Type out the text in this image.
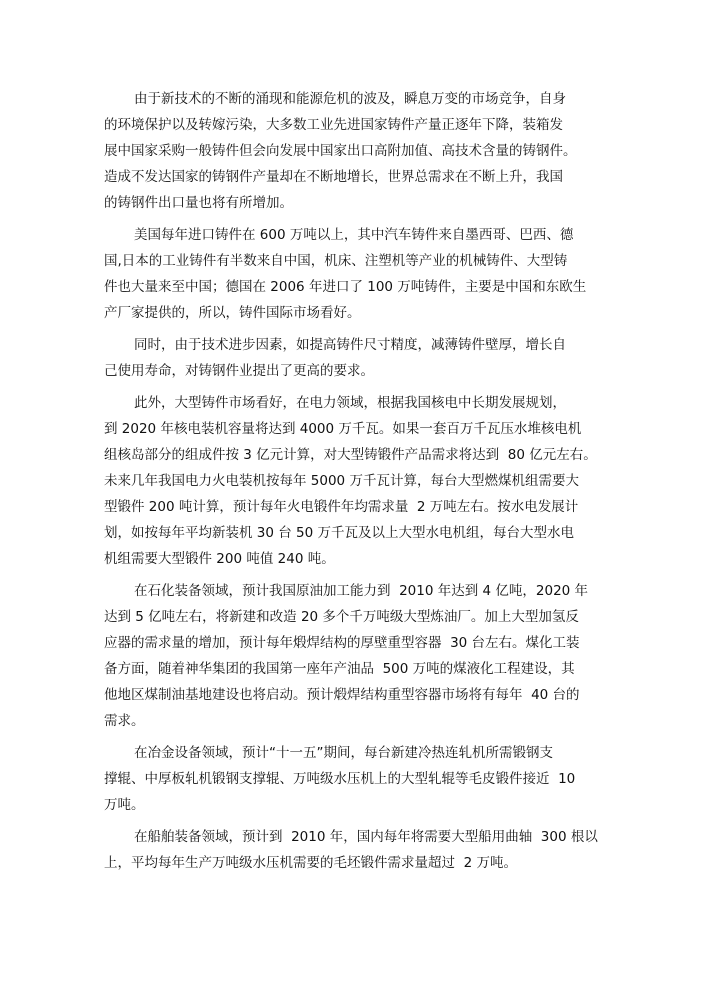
由于新技术的不断的涌现和能源危机的波及，瞬息万变的市场竞争，自身
的环境保护以及转嫁污染，大多数工业先进国家铸件产量正逐年下降，装箱发
展中国家采购一般铸件但会向发展中国家出口高附加值、高技术含量的铸钢件。
造成不发达国家的铸钢件产量却在不断地增长，世界总需求在不断上升，我国
的铸钢件出口量也将有所增加。
美国每年进口铸件在 600 万吨以上，其中汽车铸件来自墨西哥、巴西、德
国,日本的工业铸件有半数来自中国，机床、注塑机等产业的机械铸件、大型铸
件也大量来至中国；德国在 2006 年进口了 100 万吨铸件，主要是中国和东欧生
产厂家提供的，所以，铸件国际市场看好。
同时，由于技术进步因素，如提高铸件尺寸精度，减薄铸件壁厚，增长自
己使用寿命，对铸钢件业提出了更高的要求。
此外，大型铸件市场看好，在电力领域，根据我国核电中长期发展规划，
到 2020 年核电装机容量将达到 4000 万千瓦。如果一套百万千瓦压水堆核电机
组核岛部分的组成件按 3 亿元计算，对大型铸锻件产品需求将达到  80 亿元左右。
未来几年我国电力火电装机按每年 5000 万千瓦计算，每台大型燃煤机组需要大
型锻件 200 吨计算，预计每年火电锻件年均需求量  2 万吨左右。按水电发展计
划，如按每年平均新装机 30 台 50 万千瓦及以上大型水电机组，每台大型水电
机组需要大型锻件 200 吨值 240 吨。
在石化装备领域，预计我国原油加工能力到  2010 年达到 4 亿吨，2020 年
达到 5 亿吨左右，将新建和改造 20 多个千万吨级大型炼油厂。加上大型加氢反
应器的需求量的增加，预计每年煅焊结构的厚壁重型容器  30 台左右。煤化工装
备方面，随着神华集团的我国第一座年产油品  500 万吨的煤液化工程建设，其
他地区煤制油基地建设也将启动。预计煅焊结构重型容器市场将有每年  40 台的
需求。
在冶金设备领域，预计“十一五”期间，每台新建冷热连轧机所需锻钢支
撑辊、中厚板轧机锻钢支撑辊、万吨级水压机上的大型轧辊等毛皮锻件接近  10
万吨。
在船舶装备领域，预计到  2010 年，国内每年将需要大型船用曲轴  300 根以
上，平均每年生产万吨级水压机需要的毛坯锻件需求量超过  2 万吨。
